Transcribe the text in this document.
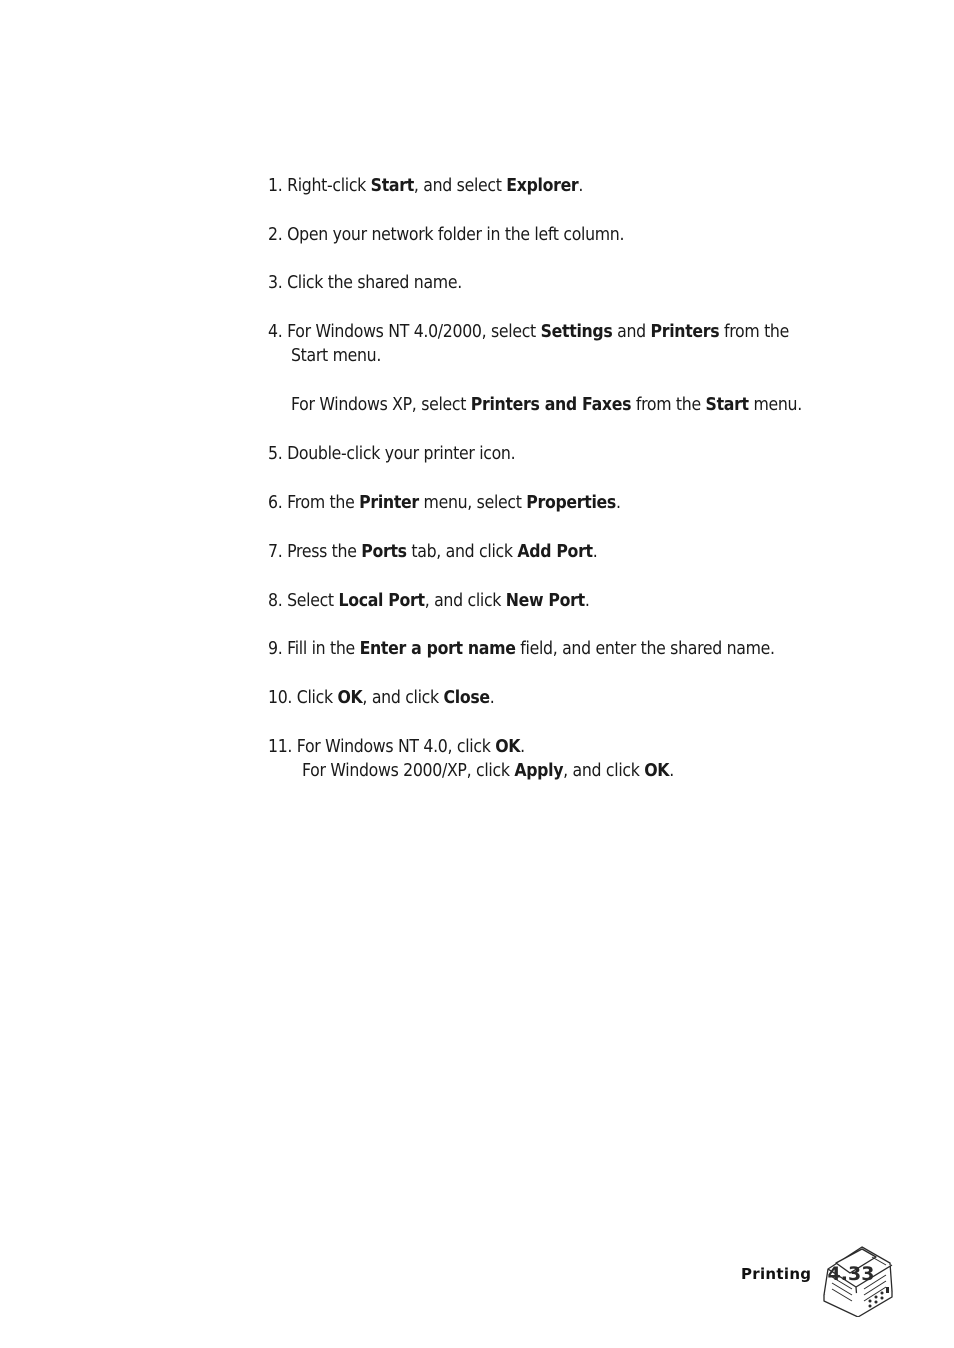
1. Right-click Start, and select Explorer.
2. Open your network folder in the left column.
3. Click the shared name.
4. For Windows NT 4.0/2000, select Settings and Printers from the
Start menu.
For Windows XP, select Printers and Faxes from the Start menu.
5. Double-click your printer icon.
6. From the Printer menu, select Properties.
7. Press the Ports tab, and click Add Port.
8. Select Local Port, and click New Port.
9. Fill in the Enter a port name field, and enter the shared name.
10. Click OK, and click Close.
11. For Windows NT 4.0, click OK.
For Windows 2000/XP, click Apply, and click OK.
Printing 4.33
